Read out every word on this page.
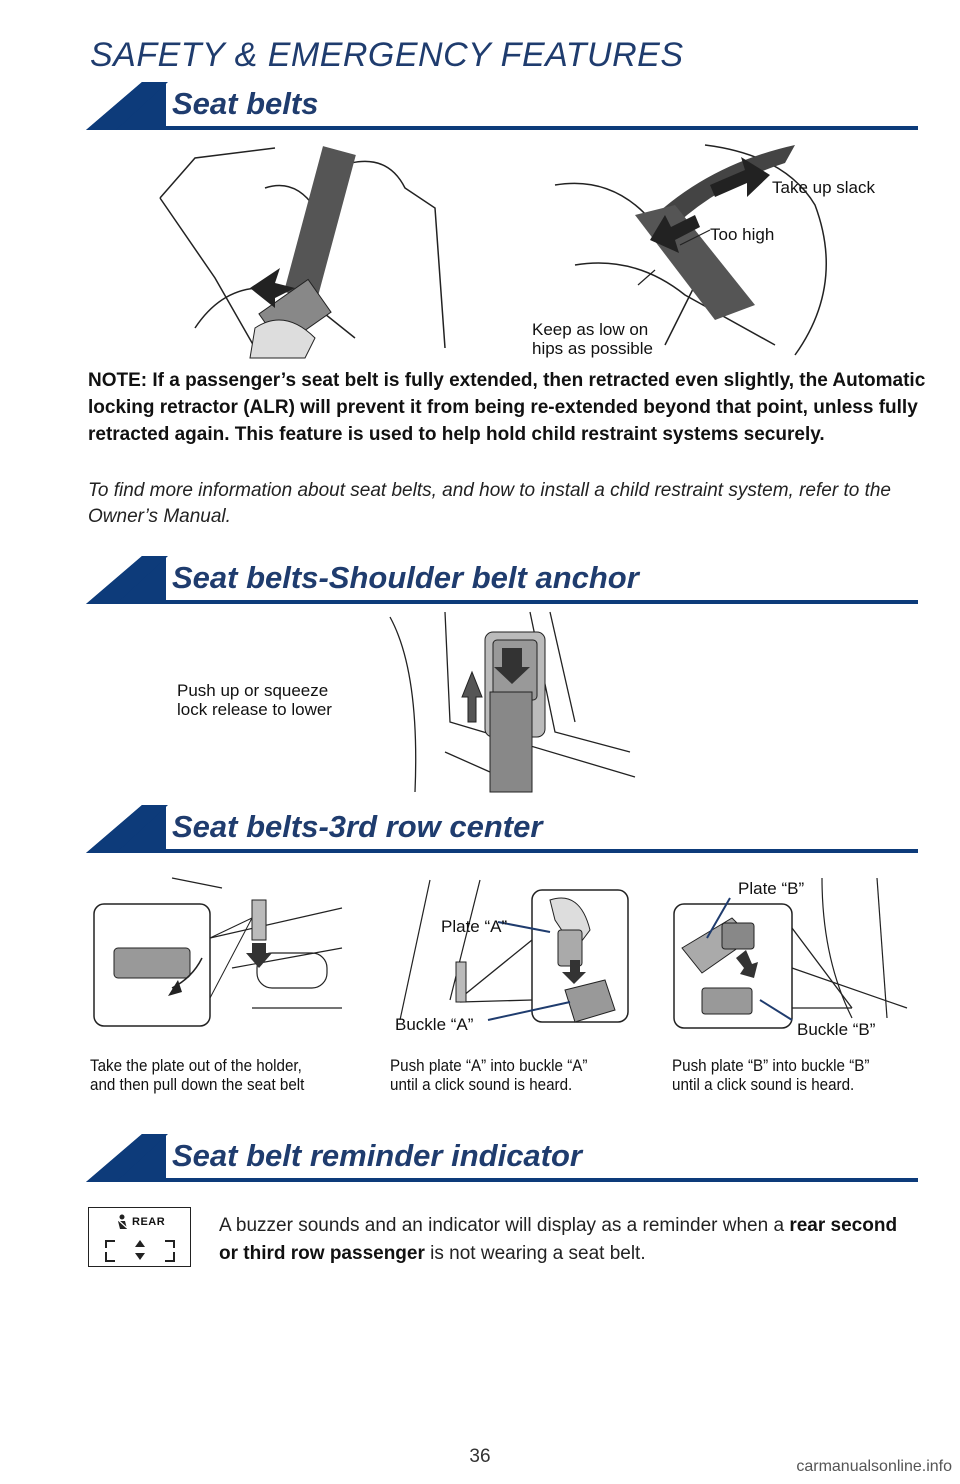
SAFETY & EMERGENCY FEATURES
Seat belts
Take up slack
Too high
Keep as low on
hips as possible
NOTE: If a passenger’s seat belt is fully extended, then retracted even slightly, the Automatic locking retractor (ALR) will prevent it from being re-extended beyond that point, unless fully retracted again. This feature is used to help hold child restraint systems securely.
To find more information about seat belts, and how to install a child restraint system, refer to the Owner’s Manual.
Seat belts-Shoulder belt anchor
Push up or squeeze
lock release to lower
Seat belts-3rd row center
Plate “A”
Buckle “A”
Plate “B”
Buckle “B”
Take the plate out of the holder,
and then pull down the seat belt
Push plate “A” into buckle “A”
until a click sound is heard.
Push plate “B” into buckle “B”
until a click sound is heard.
Seat belt reminder indicator
REAR	A buzzer sounds and an indicator will display as a reminder when a rear second or third row passenger is not wearing a seat belt.
36	carmanualsonline.info
